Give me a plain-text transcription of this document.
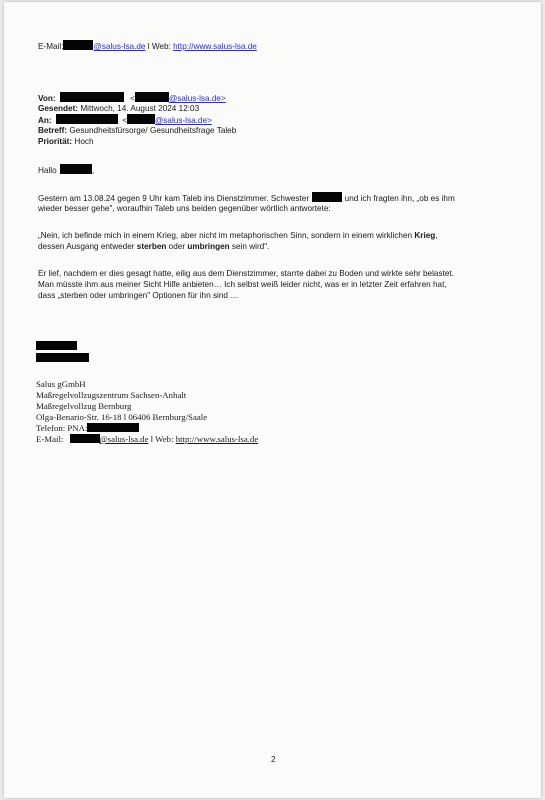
E-Mail:	@salus-lsa.de l Web: http://www.salus-lsa.de
Von:	<	@salus-lsa.de>
Gesendet: Mittwoch, 14. August 2024 12:03
An:	<	@salus-lsa.de>
Betreff: Gesundheitsfürsorge/ Gesundheitsfrage Taleb
Priorität: Hoch
Hallo	,
Gestern am 13.08.24 gegen 9 Uhr kam Taleb ins Dienstzimmer. Schwester	und ich fragten ihn, „ob es ihm
wieder besser gehe", woraufhin Taleb uns beiden gegenüber wörtlich antwortete:
„Nein, ich befinde mich in einem Krieg, aber nicht im metaphorischen Sinn, sondern in einem wirklichen Krieg,
dessen Ausgang entweder sterben oder umbringen sein wird".
Er lief, nachdem er dies gesagt hatte, eilig aus dem Dienstzimmer, starrte dabei zu Boden und wirkte sehr belastet.
Man müsste ihm aus meiner Sicht Hilfe anbieten… Ich selbst weiß leider nicht, was er in letzter Zeit erfahren hat,
dass „sterben oder umbringen" Optionen für ihn sind …
Salus gGmbH
Maßregelvollzugszentrum Sachsen-Anhalt
Maßregelvollzug Bernburg
Olga-Benario-Str. 16-18 l 06406 Bernburg/Saale
Telefon: PNA:
E-Mail:	@salus-lsa.de l Web: http://www.salus-lsa.de
2
